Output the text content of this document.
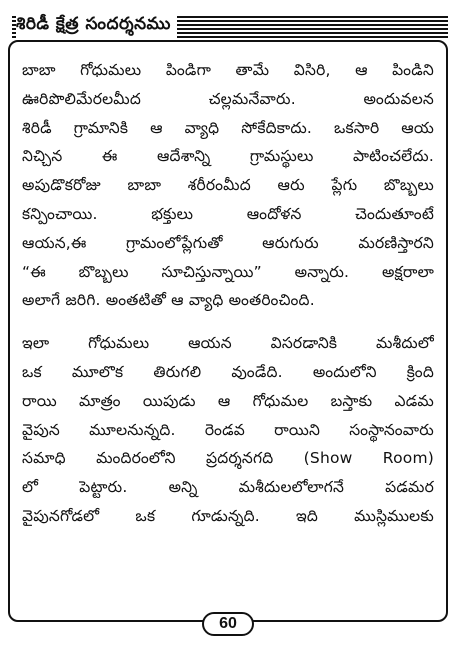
శిరిడీ క్షేత్ర సందర్శనము
బాబా గోధుమలు పిండిగా తామే విసిరి, ఆ పిండిని
ఊరిపొలిమేరలమీద చల్లమనేవారు. అందువలన
శిరిడీ గ్రామానికి ఆ వ్యాధి సోకేదికాదు. ఒకసారి ఆయ
నిచ్చిన ఈ ఆదేశాన్ని గ్రామస్థులు పాటించలేదు.
అపుడొకరోజు బాబా శరీరంమీద ఆరు ప్లేగు బొబ్బలు
కన్పించాయి. భక్తులు ఆందోళన చెందుతూంటే
ఆయన,ఈ గ్రామంలోప్లేగుతో ఆరుగురు మరణిస్తారని
“ఈ బొబ్బలు సూచిస్తున్నాయి” అన్నారు. అక్షరాలా
అలాగే జరిగి. అంతటితో ఆ వ్యాధి అంతరించింది.
ఇలా గోధుమలు ఆయన విసరడానికి మశీదులో
ఒక మూలొక తిరుగలి వుండేది. అందులోని క్రింది
రాయి మాత్రం యిపుడు ఆ గోధుమల బస్తాకు ఎడమ
వైపున మూలనున్నది. రెండవ రాయిని సంస్థానంవారు
సమాధి మందిరంలోని ప్రదర్శనగది (Show Room)
లో పెట్టారు. అన్ని మశీదులలోలాగనే పడమర
వైపునగోడలో ఒక గూడున్నది. ఇది ముస్లిములకు
60
